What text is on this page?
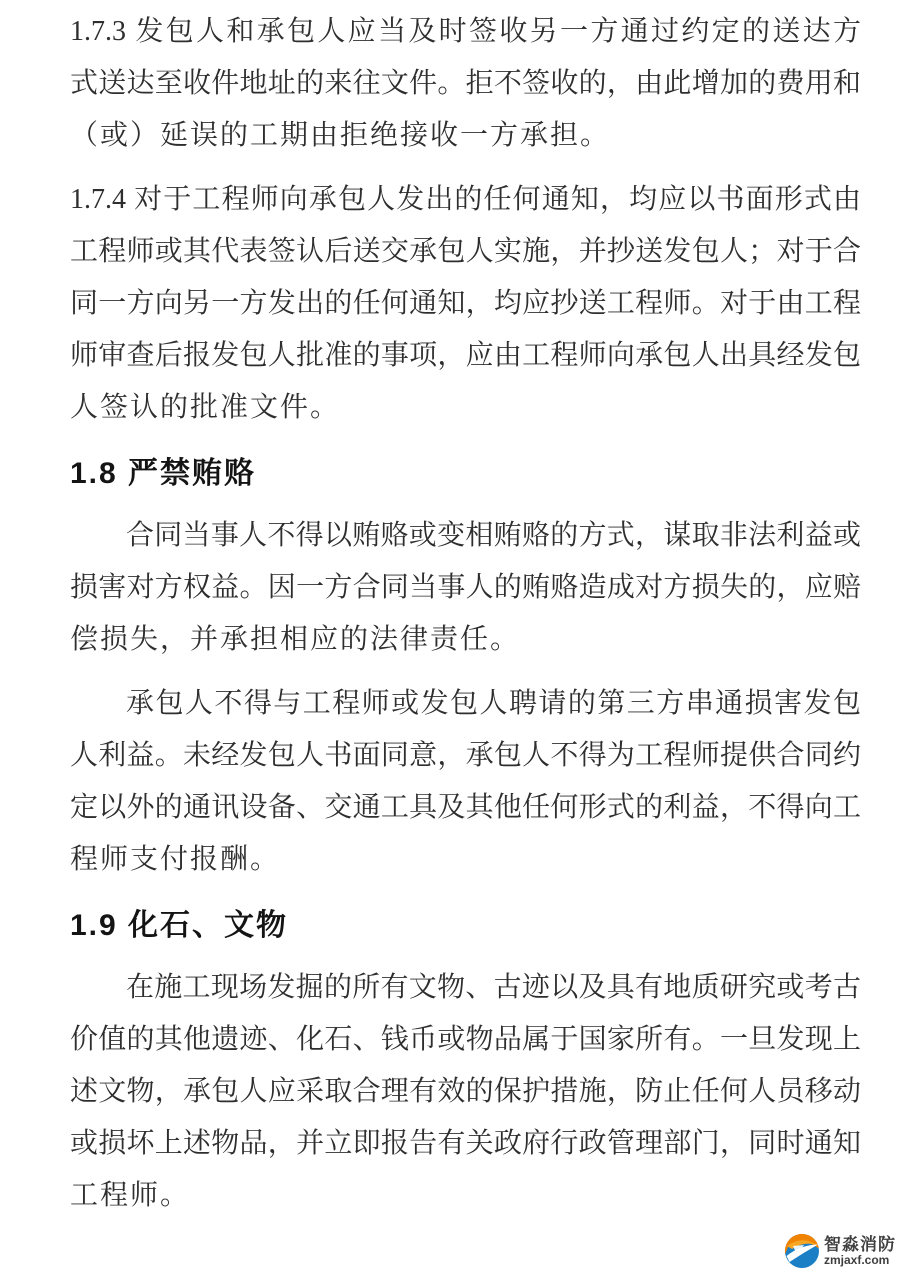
1.7.3 发包人和承包人应当及时签收另一方通过约定的送达方
式送达至收件地址的来往文件。拒不签收的，由此增加的费用和
（或）延误的工期由拒绝接收一方承担。

1.7.4 对于工程师向承包人发出的任何通知，均应以书面形式由
工程师或其代表签认后送交承包人实施，并抄送发包人；对于合
同一方向另一方发出的任何通知，均应抄送工程师。对于由工程
师审查后报发包人批准的事项，应由工程师向承包人出具经发包
人签认的批准文件。

1.8 严禁贿赂

合同当事人不得以贿赂或变相贿赂的方式，谋取非法利益或
损害对方权益。因一方合同当事人的贿赂造成对方损失的，应赔
偿损失，并承担相应的法律责任。

承包人不得与工程师或发包人聘请的第三方串通损害发包
人利益。未经发包人书面同意，承包人不得为工程师提供合同约
定以外的通讯设备、交通工具及其他任何形式的利益，不得向工
程师支付报酬。

1.9 化石、文物

在施工现场发掘的所有文物、古迹以及具有地质研究或考古
价值的其他遗迹、化石、钱币或物品属于国家所有。一旦发现上
述文物，承包人应采取合理有效的保护措施，防止任何人员移动
或损坏上述物品，并立即报告有关政府行政管理部门，同时通知
工程师。

智淼消防
zmjaxf.com
